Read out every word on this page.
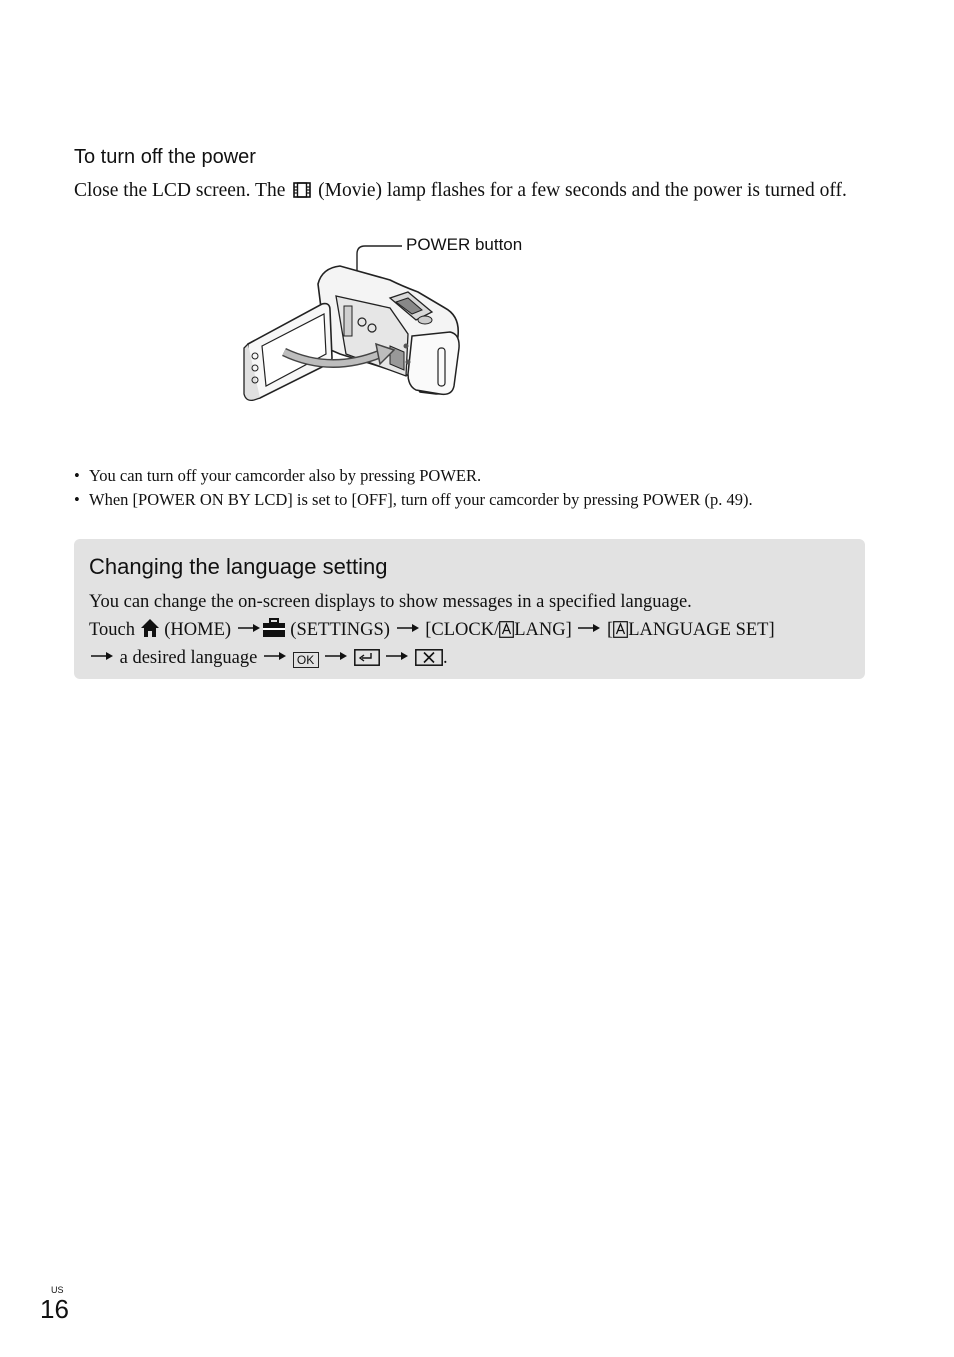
To turn off the power
Close the LCD screen. The  (Movie) lamp flashes for a few seconds and the power is turned off.
POWER button
• You can turn off your camcorder also by pressing POWER.
• When [POWER ON BY LCD] is set to [OFF], turn off your camcorder by pressing POWER (p. 49).
Changing the language setting
You can change the on-screen displays to show messages in a specified language.
Touch  (HOME)	(SETTINGS)  [CLOCK/ LANG]  [ LANGUAGE SET]
a desired language	OK	.
US
16
